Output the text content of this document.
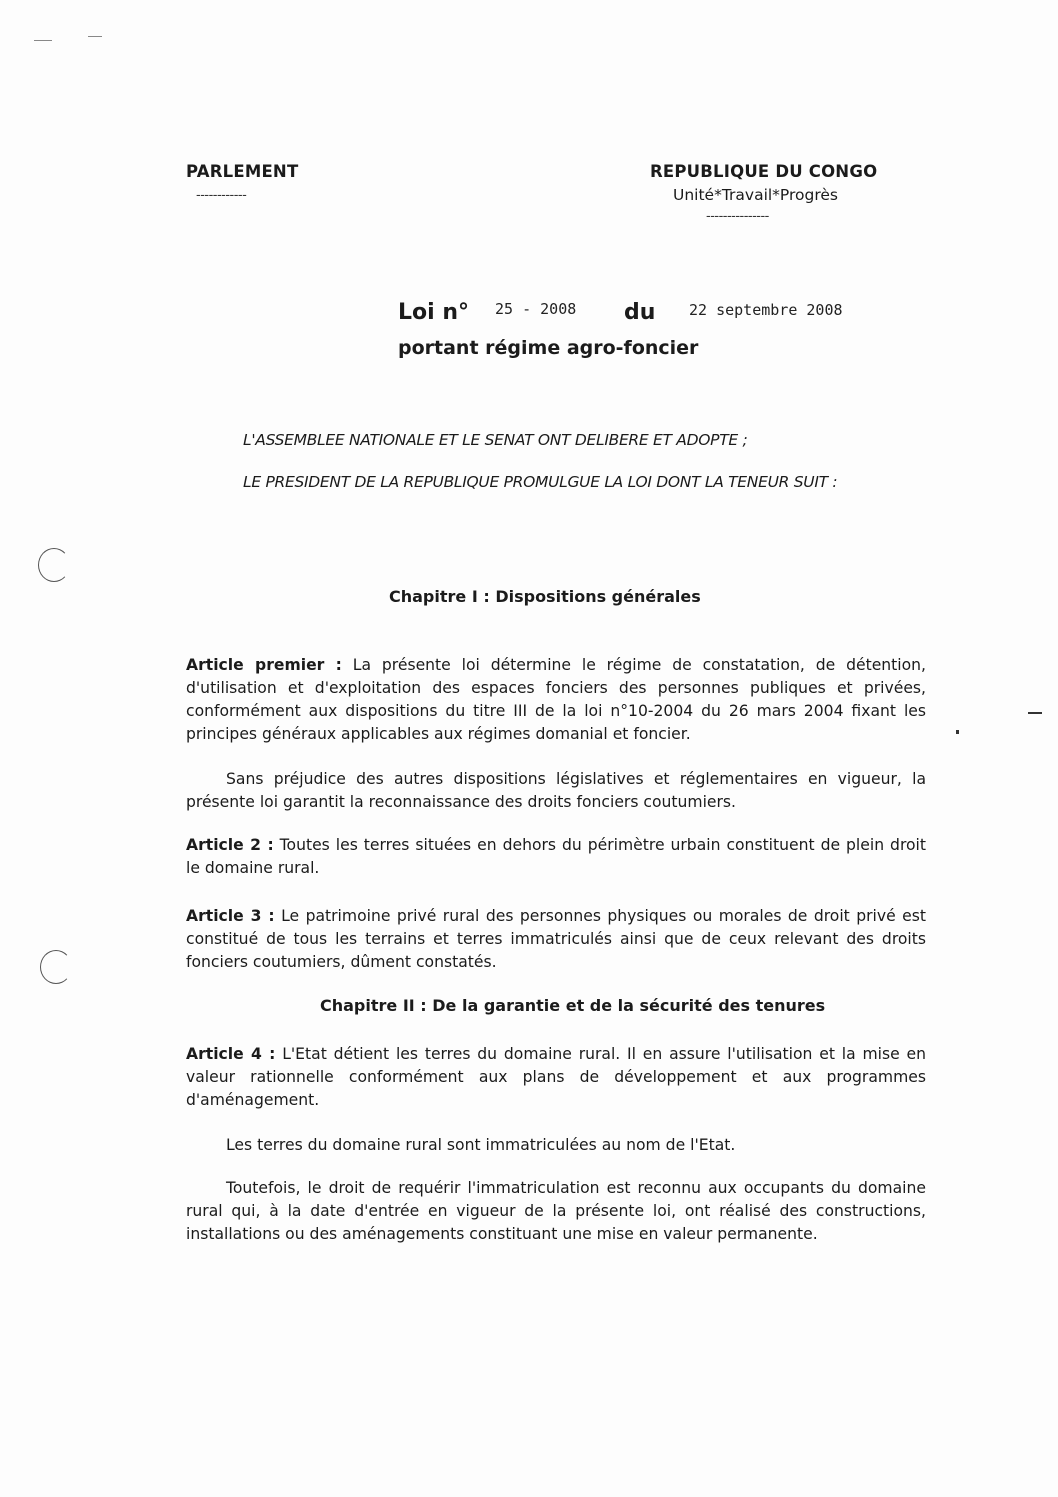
PARLEMENT
------------
REPUBLIQUE DU CONGO
Unité*Travail*Progrès
---------------
Loi n° 25 - 2008 du 22 septembre 2008
portant régime agro-foncier
L'ASSEMBLEE NATIONALE ET LE SENAT ONT DELIBERE ET ADOPTE ;
LE PRESIDENT DE LA REPUBLIQUE PROMULGUE LA LOI DONT LA TENEUR SUIT :
Chapitre I : Dispositions générales
Article premier : La présente loi détermine le régime de constatation, de détention, d'utilisation et d'exploitation des espaces fonciers des personnes publiques et privées, conformément aux dispositions du titre III de la loi n°10-2004 du 26 mars 2004 fixant les principes généraux applicables aux régimes domanial et foncier.
Sans préjudice des autres dispositions législatives et réglementaires en vigueur, la présente loi garantit la reconnaissance des droits fonciers coutumiers.
Article 2 : Toutes les terres situées en dehors du périmètre urbain constituent de plein droit le domaine rural.
Article 3 : Le patrimoine privé rural des personnes physiques ou morales de droit privé est constitué de tous les terrains et terres immatriculés ainsi que de ceux relevant des droits fonciers coutumiers, dûment constatés.
Chapitre II : De la garantie et de la sécurité des tenures
Article 4 : L'Etat détient les terres du domaine rural. Il en assure l'utilisation et la mise en valeur rationnelle conformément aux plans de développement et aux programmes d'aménagement.
Les terres du domaine rural sont immatriculées au nom de l'Etat.
Toutefois, le droit de requérir l'immatriculation est reconnu aux occupants du domaine rural qui, à la date d'entrée en vigueur de la présente loi, ont réalisé des constructions, installations ou des aménagements constituant une mise en valeur permanente.
